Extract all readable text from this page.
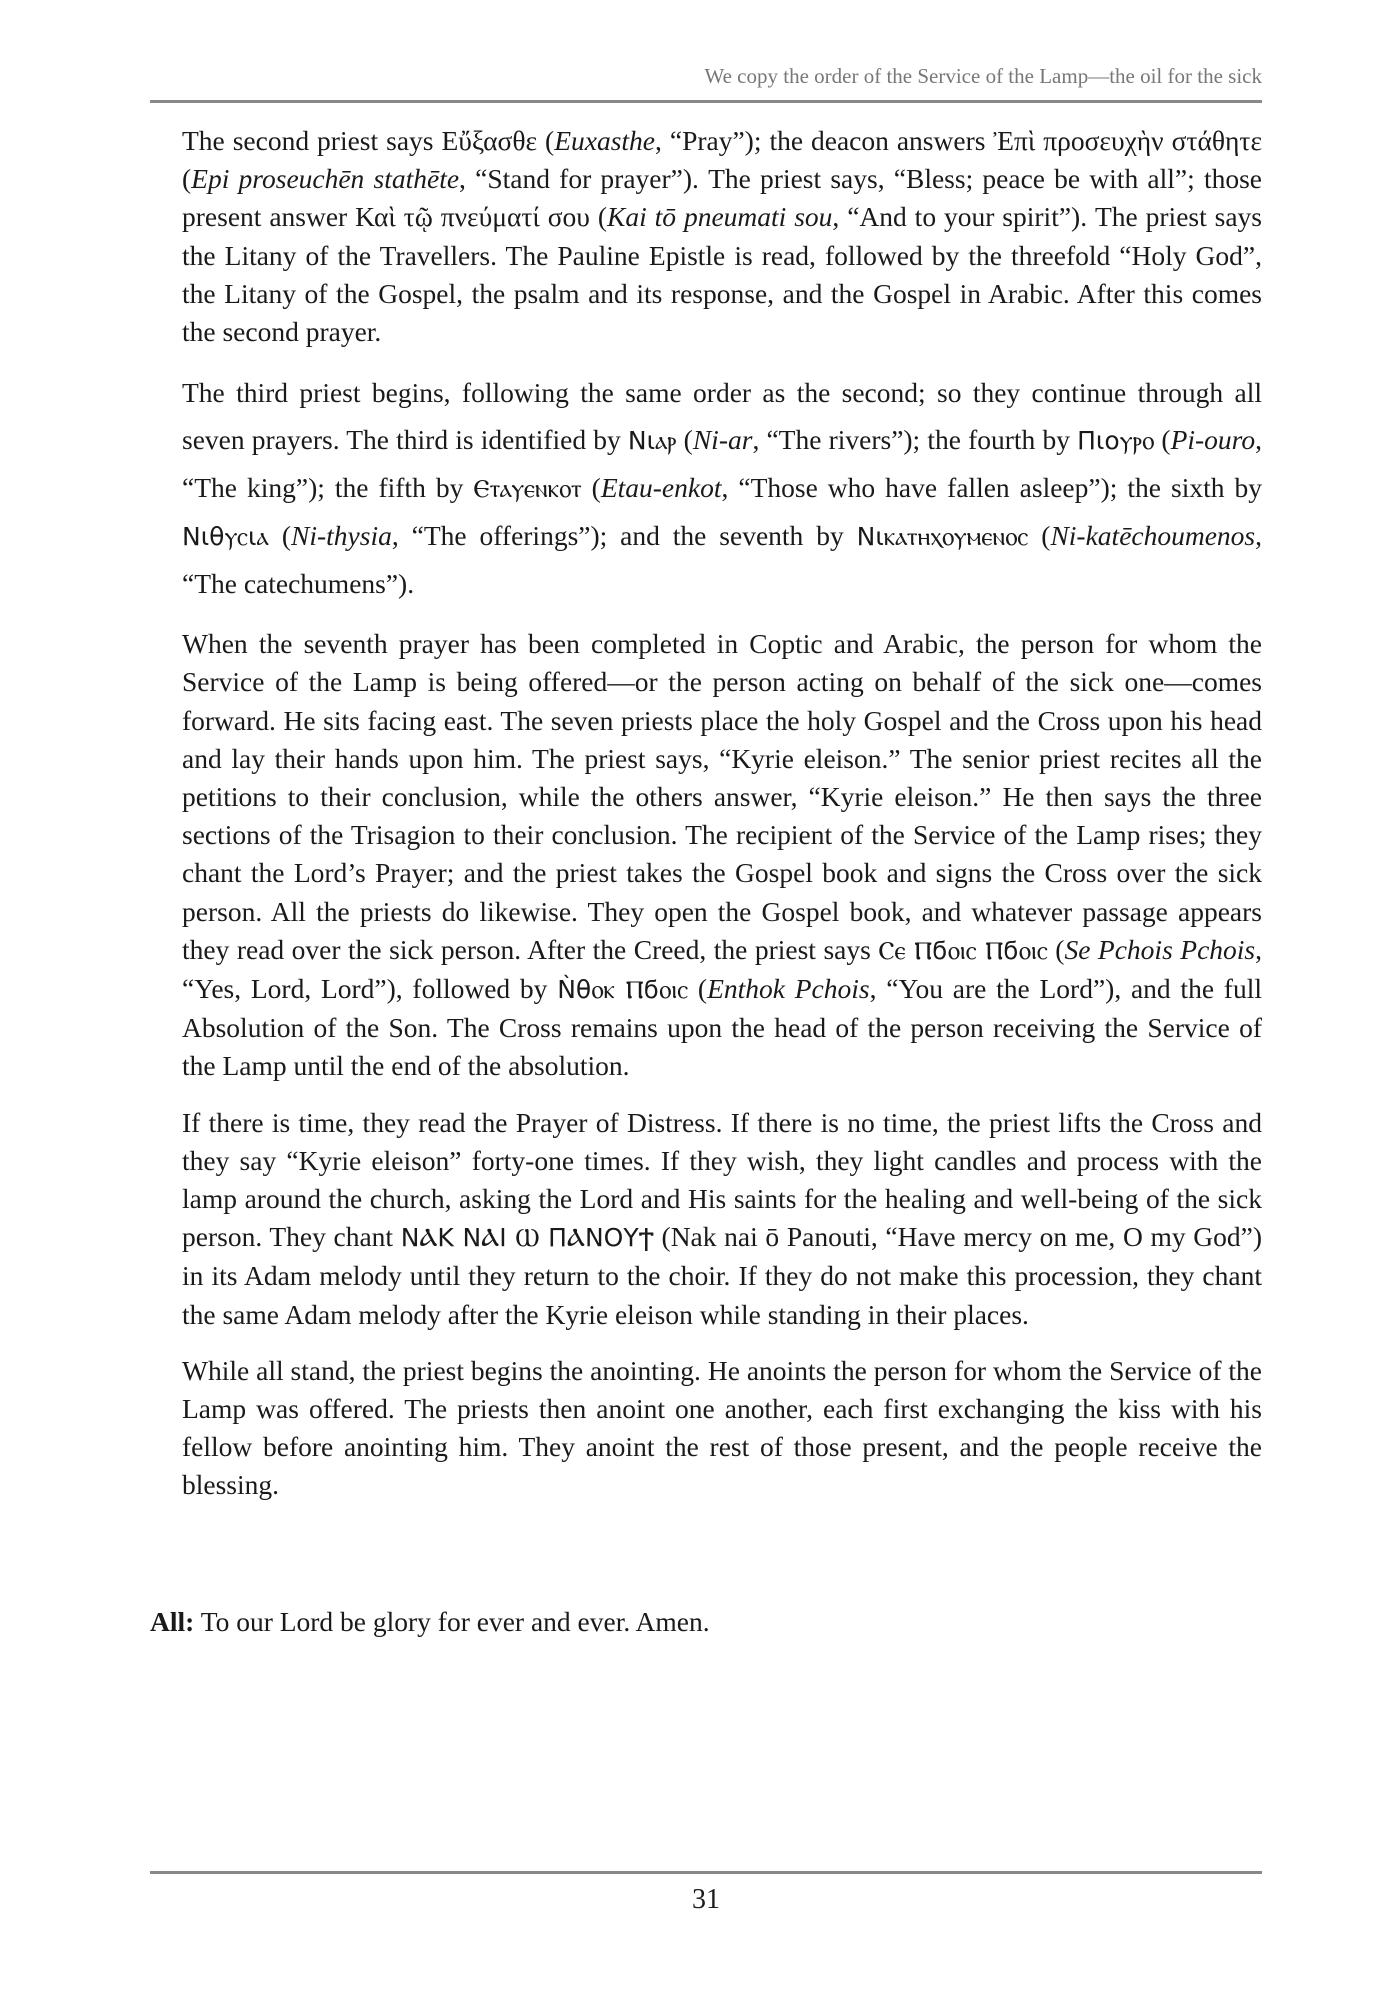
We copy the order of the Service of the Lamp—the oil for the sick

The second priest says Εὔξασθε (Euxasthe, “Pray”); the deacon answers Ἐπὶ προσευχὴν στάθητε (Epi proseuchēn stathēte, “Stand for prayer”). The priest says, “Bless; peace be with all”; those present answer Καὶ τῷ πνεύματί σου (Kai tō pneumati sou, “And to your spirit”). The priest says the Litany of the Travellers. The Pauline Epistle is read, followed by the threefold “Holy God”, the Litany of the Gospel, the psalm and its response, and the Gospel in Arabic. After this comes the second prayer.

The third priest begins, following the same order as the second; so they continue through all seven prayers. The third is identified by Νιⲁⲣ (Ni-ar, “The rivers”); the fourth by Πιοⲩⲣⲟ (Pi-ouro, “The king”); the fifth by Ⲉⲧⲁⲩⲉⲛⲕⲟⲧ (Etau-enkot, “Those who have fallen asleep”); the sixth by Νιθⲩⲥιⲁ (Ni-thysia, “The offerings”); and the seventh by Νιⲕⲁⲧⲏⲭⲟⲩⲙⲉⲛⲟⲥ (Ni-katēchoumenos, “The catechumens”).

When the seventh prayer has been completed in Coptic and Arabic, the person for whom the Service of the Lamp is being offered—or the person acting on behalf of the sick one—comes forward. He sits facing east. The seven priests place the holy Gospel and the Cross upon his head and lay their hands upon him. The priest says, “Kyrie eleison.” The senior priest recites all the petitions to their conclusion, while the others answer, “Kyrie eleison.” He then says the three sections of the Trisagion to their conclusion. The recipient of the Service of the Lamp rises; they chant the Lord’s Prayer; and the priest takes the Gospel book and signs the Cross over the sick person. All the priests do likewise. They open the Gospel book, and whatever passage appears they read over the sick person. After the Creed, the priest says Ⲥⲉ Ⲡϭⲟⲓⲥ Ⲡϭⲟⲓⲥ (Se Pchois Pchois, “Yes, Lord, Lord”), followed by Ǹθⲟⲕ Ⲡϭⲟⲓⲥ (Enthok Pchois, “You are the Lord”), and the full Absolution of the Son. The Cross remains upon the head of the person receiving the Service of the Lamp until the end of the absolution.

If there is time, they read the Prayer of Distress. If there is no time, the priest lifts the Cross and they say “Kyrie eleison” forty-one times. If they wish, they light candles and process with the lamp around the church, asking the Lord and His saints for the healing and well-being of the sick person. They chant ΝⲀΚ ΝⲀΙ Ⲱ ΠⲀΝΟΥϮ (Nak nai ō Panouti, “Have mercy on me, O my God”) in its Adam melody until they return to the choir. If they do not make this procession, they chant the same Adam melody after the Kyrie eleison while standing in their places.

While all stand, the priest begins the anointing. He anoints the person for whom the Service of the Lamp was offered. The priests then anoint one another, each first exchanging the kiss with his fellow before anointing him. They anoint the rest of those present, and the people receive the blessing.

All: To our Lord be glory for ever and ever. Amen.

31
